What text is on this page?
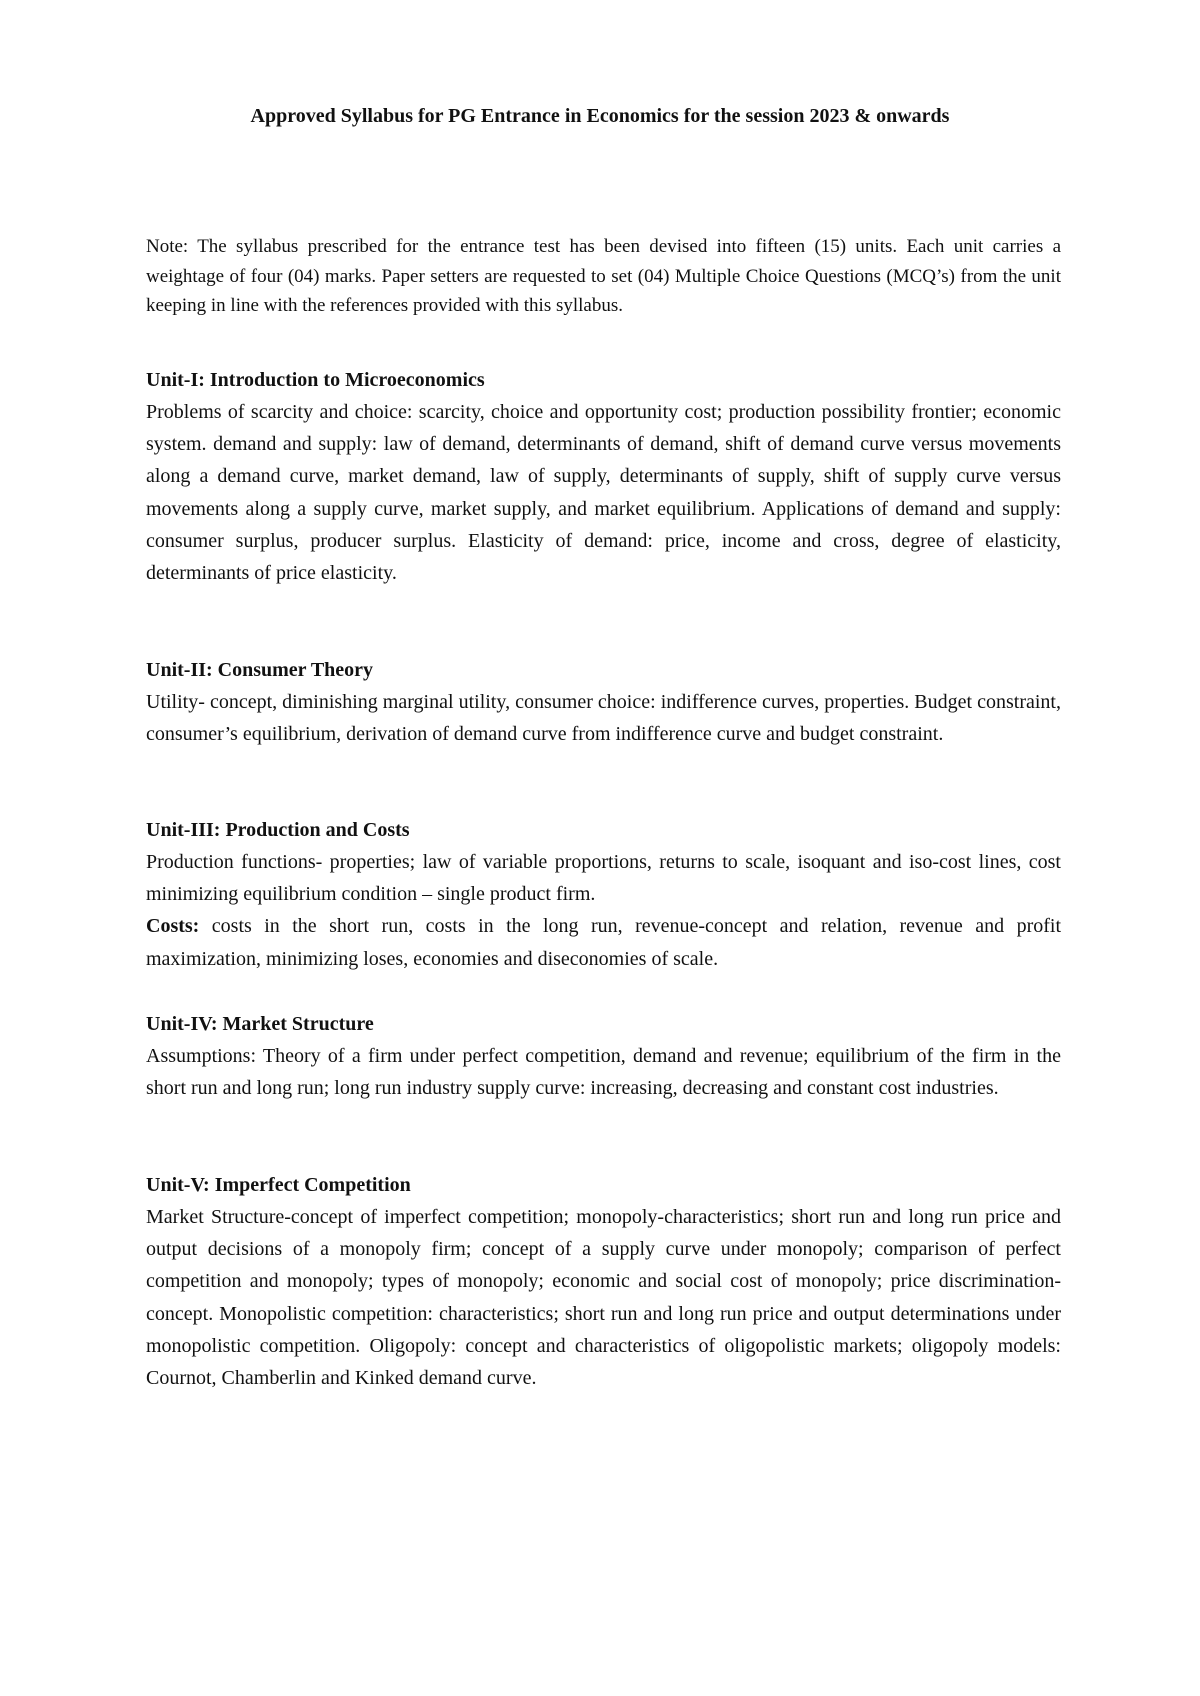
Approved Syllabus for PG Entrance in Economics for the session 2023 & onwards

Note: The syllabus prescribed for the entrance test has been devised into fifteen (15) units. Each unit carries a weightage of four (04) marks. Paper setters are requested to set (04) Multiple Choice Questions (MCQ’s) from the unit keeping in line with the references provided with this syllabus.

Unit-I: Introduction to Microeconomics

Problems of scarcity and choice: scarcity, choice and opportunity cost; production possibility frontier; economic system. demand and supply: law of demand, determinants of demand, shift of demand curve versus movements along a demand curve, market demand, law of supply, determinants of supply, shift of supply curve versus movements along a supply curve, market supply, and market equilibrium. Applications of demand and supply: consumer surplus, producer surplus. Elasticity of demand: price, income and cross, degree of elasticity, determinants of price elasticity.

Unit-II: Consumer Theory

Utility- concept, diminishing marginal utility, consumer choice: indifference curves, properties. Budget constraint, consumer’s equilibrium, derivation of demand curve from indifference curve and budget constraint.

Unit-III: Production and Costs

Production functions- properties; law of variable proportions, returns to scale, isoquant and iso-cost lines, cost minimizing equilibrium condition – single product firm.

Costs: costs in the short run, costs in the long run, revenue-concept and relation, revenue and profit maximization, minimizing loses, economies and diseconomies of scale.

Unit-IV: Market Structure

Assumptions: Theory of a firm under perfect competition, demand and revenue; equilibrium of the firm in the short run and long run; long run industry supply curve: increasing, decreasing and constant cost industries.

Unit-V: Imperfect Competition

Market Structure-concept of imperfect competition; monopoly-characteristics; short run and long run price and output decisions of a monopoly firm; concept of a supply curve under monopoly; comparison of perfect competition and monopoly; types of monopoly; economic and social cost of monopoly; price discrimination-concept. Monopolistic competition: characteristics; short run and long run price and output determinations under monopolistic competition. Oligopoly: concept and characteristics of oligopolistic markets; oligopoly models: Cournot, Chamberlin and Kinked demand curve.
